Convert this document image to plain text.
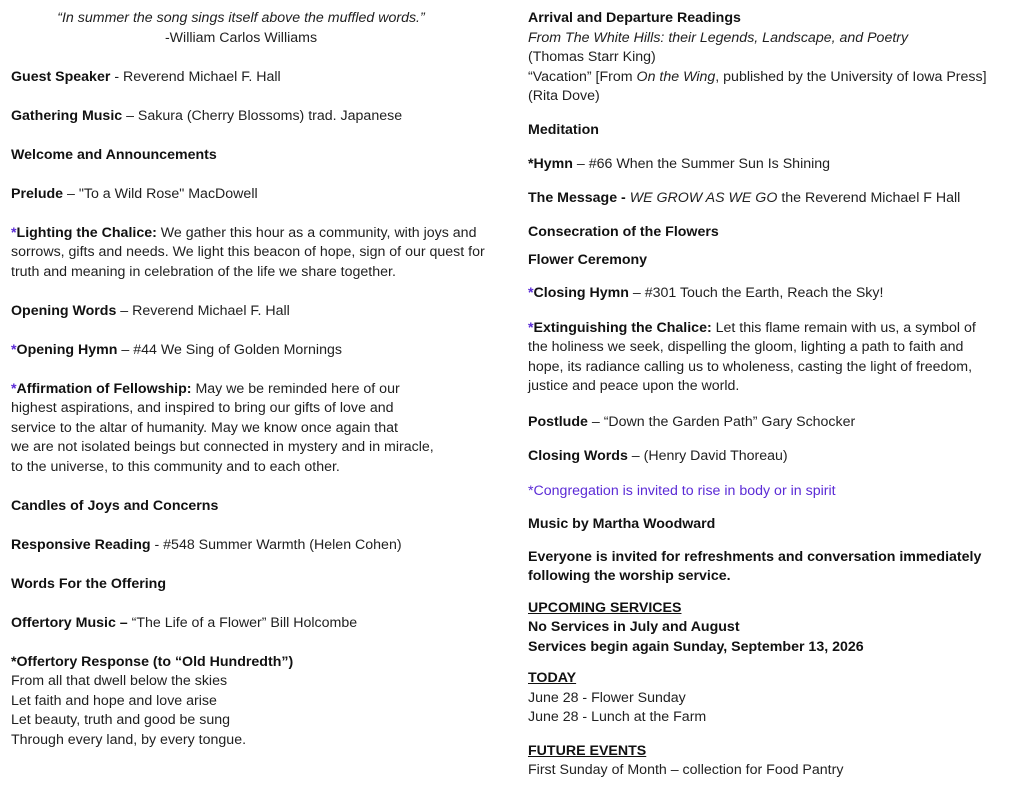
“In summer the song sings itself above the muffled words.”

-William Carlos Williams

Guest Speaker - Reverend Michael F. Hall

Gathering Music – Sakura (Cherry Blossoms) trad. Japanese

Welcome and Announcements

Prelude – "To a Wild Rose" MacDowell

*Lighting the Chalice: We gather this hour as a community, with joys and

sorrows, gifts and needs. We light this beacon of hope, sign of our quest for

truth and meaning in celebration of the life we share together.

Opening Words – Reverend Michael F. Hall

*Opening Hymn – #44 We Sing of Golden Mornings

*Affirmation of Fellowship: May we be reminded here of our

highest aspirations, and inspired to bring our gifts of love and

service to the altar of humanity. May we know once again that

we are not isolated beings but connected in mystery and in miracle,

to the universe, to this community and to each other.

Candles of Joys and Concerns

Responsive Reading - #548 Summer Warmth (Helen Cohen)

Words For the Offering

Offertory Music – “The Life of a Flower” Bill Holcombe

*Offertory Response (to “Old Hundredth”)

From all that dwell below the skies

Let faith and hope and love arise

Let beauty, truth and good be sung

Through every land, by every tongue.

Arrival and Departure Readings

From The White Hills: their Legends, Landscape, and Poetry

(Thomas Starr King)

“Vacation” [From On the Wing, published by the University of Iowa Press]

(Rita Dove)

Meditation

*Hymn – #66 When the Summer Sun Is Shining

The Message - WE GROW AS WE GO the Reverend Michael F Hall

Consecration of the Flowers

Flower Ceremony

*Closing Hymn – #301 Touch the Earth, Reach the Sky!

*Extinguishing the Chalice: Let this flame remain with us, a symbol of

the holiness we seek, dispelling the gloom, lighting a path to faith and

hope, its radiance calling us to wholeness, casting the light of freedom,

justice and peace upon the world.

Postlude – “Down the Garden Path” Gary Schocker

Closing Words – (Henry David Thoreau)

*Congregation is invited to rise in body or in spirit

Music by Martha Woodward

Everyone is invited for refreshments and conversation immediately

following the worship service.

UPCOMING SERVICES

No Services in July and August

Services begin again Sunday, September 13, 2026

TODAY

June 28 - Flower Sunday

June 28 - Lunch at the Farm

FUTURE EVENTS

First Sunday of Month – collection for Food Pantry
